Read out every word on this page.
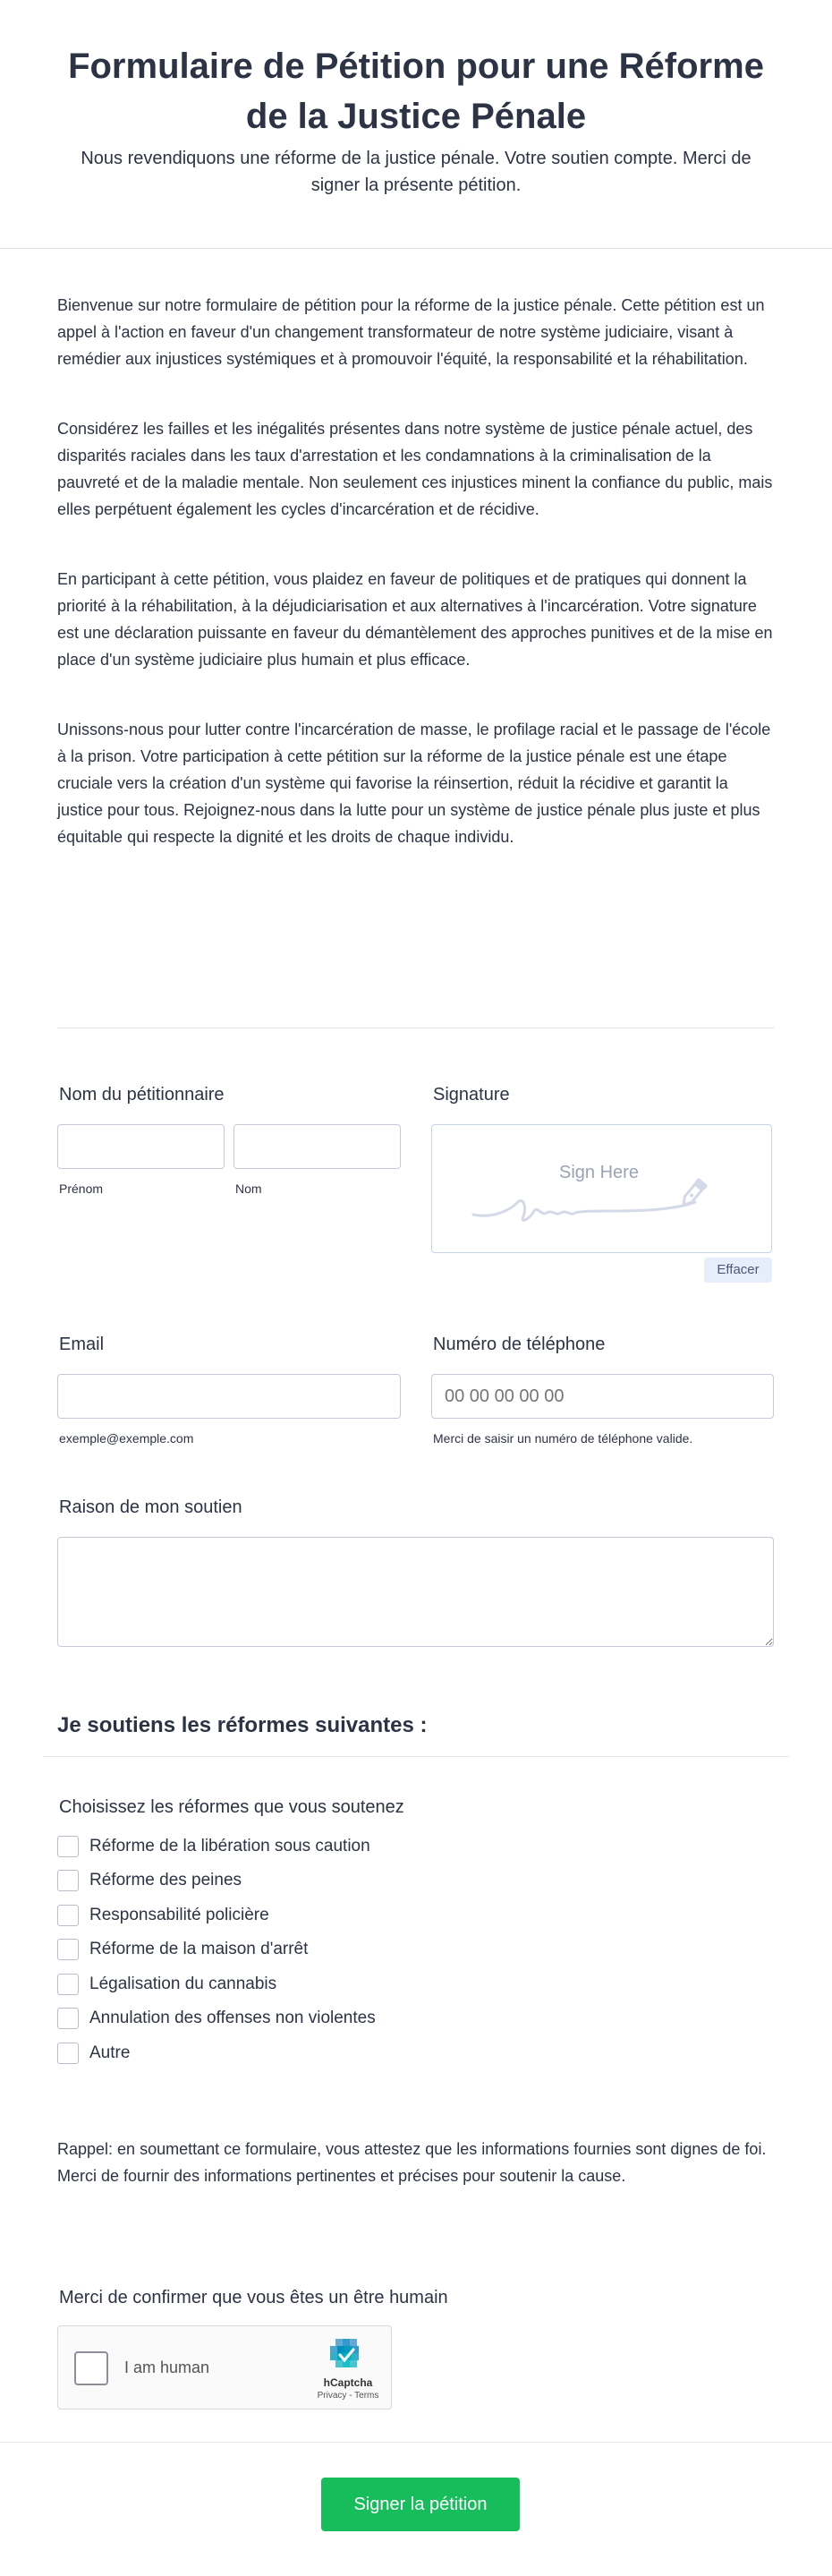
Formulaire de Pétition pour une Réforme de la Justice Pénale
Nous revendiquons une réforme de la justice pénale. Votre soutien compte. Merci de signer la présente pétition.

Bienvenue sur notre formulaire de pétition pour la réforme de la justice pénale. Cette pétition est un appel à l'action en faveur d'un changement transformateur de notre système judiciaire, visant à remédier aux injustices systémiques et à promouvoir l'équité, la responsabilité et la réhabilitation.

Considérez les failles et les inégalités présentes dans notre système de justice pénale actuel, des disparités raciales dans les taux d'arrestation et les condamnations à la criminalisation de la pauvreté et de la maladie mentale. Non seulement ces injustices minent la confiance du public, mais elles perpétuent également les cycles d'incarcération et de récidive.

En participant à cette pétition, vous plaidez en faveur de politiques et de pratiques qui donnent la priorité à la réhabilitation, à la déjudiciarisation et aux alternatives à l'incarcération. Votre signature est une déclaration puissante en faveur du démantèlement des approches punitives et de la mise en place d'un système judiciaire plus humain et plus efficace.

Unissons-nous pour lutter contre l'incarcération de masse, le profilage racial et le passage de l'école à la prison. Votre participation à cette pétition sur la réforme de la justice pénale est une étape cruciale vers la création d'un système qui favorise la réinsertion, réduit la récidive et garantit la justice pour tous. Rejoignez-nous dans la lutte pour un système de justice pénale plus juste et plus équitable qui respecte la dignité et les droits de chaque individu.

Nom du pétitionnaire
Prénom	Nom
Signature
Sign Here
Effacer
Email
exemple@exemple.com
Numéro de téléphone
00 00 00 00 00
Merci de saisir un numéro de téléphone valide.
Raison de mon soutien
Je soutiens les réformes suivantes :
Choisissez les réformes que vous soutenez
Réforme de la libération sous caution
Réforme des peines
Responsabilité policière
Réforme de la maison d'arrêt
Légalisation du cannabis
Annulation des offenses non violentes
Autre
Rappel: en soumettant ce formulaire, vous attestez que les informations fournies sont dignes de foi. Merci de fournir des informations pertinentes et précises pour soutenir la cause.
Merci de confirmer que vous êtes un être humain
I am human
hCaptcha
Privacy - Terms
Signer la pétition
